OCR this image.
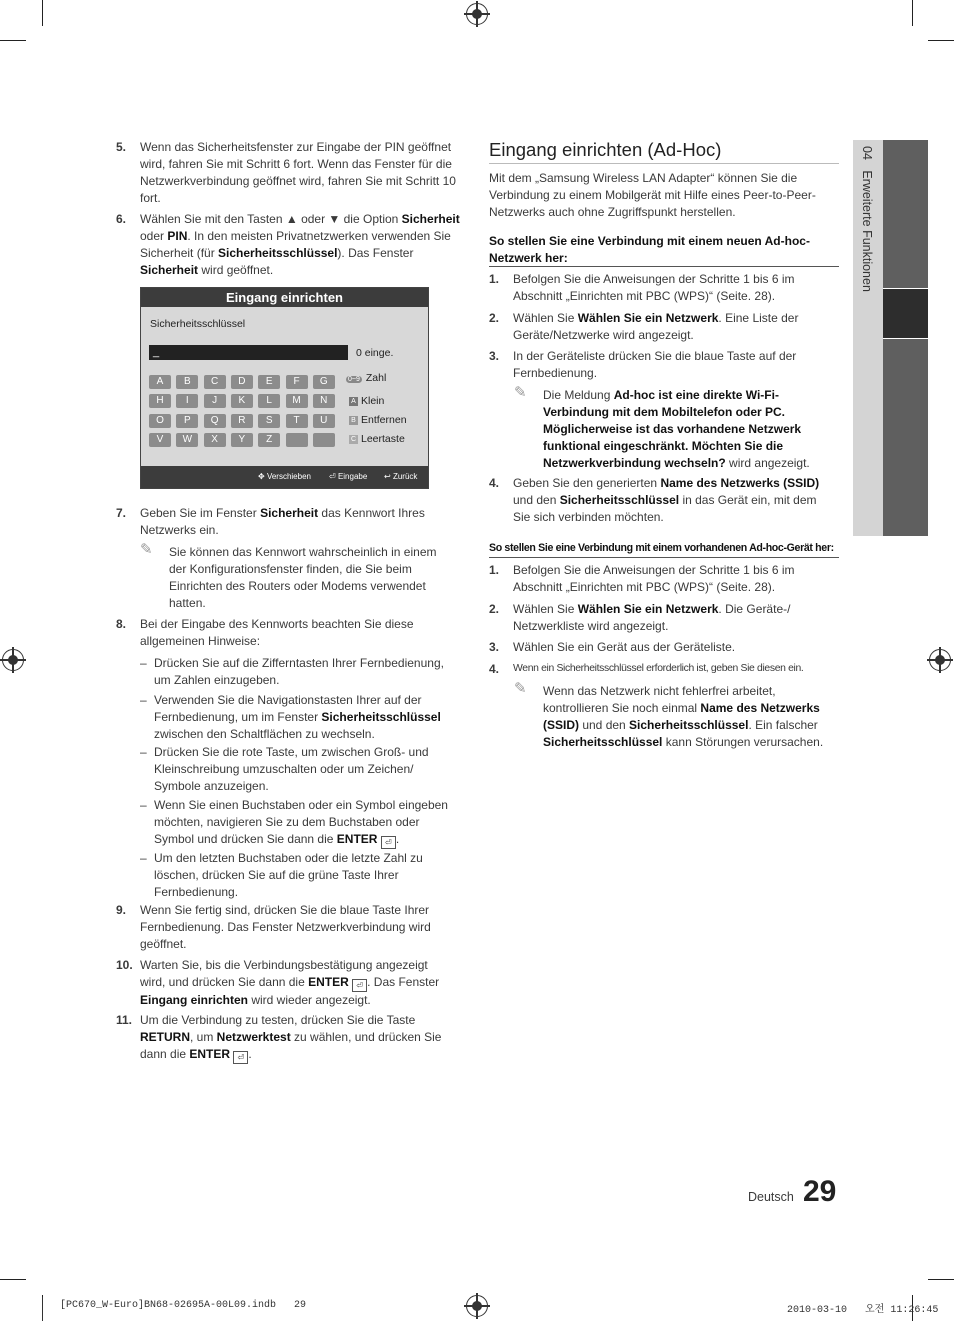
5. Wenn das Sicherheitsfenster zur Eingabe der PIN geöffnet wird, fahren Sie mit Schritt 6 fort. Wenn das Fenster für die Netzwerkverbindung geöffnet wird, fahren Sie mit Schritt 10 fort.
6. Wählen Sie mit den Tasten ▲ oder ▼ die Option Sicherheit oder PIN. In den meisten Privatnetzwerken verwenden Sie Sicherheit (für Sicherheitsschlüssel). Das Fenster Sicherheit wird geöffnet.
Eingang einrichten
Sicherheitsschlüssel
_	0 einge.
A	B	C	D	E	F	G
H	I	J	K	L	M	N
O	P	Q	R	S	T	U
V	W	X	Y	Z
0~9 Zahl
A Klein
B Entfernen
C Leertaste
✥ Verschieben ⏎ Eingabe ↩ Zurück
7. Geben Sie im Fenster Sicherheit das Kennwort Ihres Netzwerks ein.
✎ Sie können das Kennwort wahrscheinlich in einem der Konfigurationsfenster finden, die Sie beim Einrichten des Routers oder Modems verwendet hatten.
8. Bei der Eingabe des Kennworts beachten Sie diese allgemeinen Hinweise:
– Drücken Sie auf die Zifferntasten Ihrer Fernbedienung, um Zahlen einzugeben.
– Verwenden Sie die Navigationstasten Ihrer auf der Fernbedienung, um im Fenster Sicherheitsschlüssel zwischen den Schaltflächen zu wechseln.
– Drücken Sie die rote Taste, um zwischen Groß- und Kleinschreibung umzuschalten oder um Zeichen/ Symbole anzuzeigen.
– Wenn Sie einen Buchstaben oder ein Symbol eingeben möchten, navigieren Sie zu dem Buchstaben oder Symbol und drücken Sie dann die ENTER ⏎ .
– Um den letzten Buchstaben oder die letzte Zahl zu löschen, drücken Sie auf die grüne Taste Ihrer Fernbedienung.
9. Wenn Sie fertig sind, drücken Sie die blaue Taste Ihrer Fernbedienung. Das Fenster Netzwerkverbindung wird geöffnet.
10. Warten Sie, bis die Verbindungsbestätigung angezeigt wird, und drücken Sie dann die ENTER ⏎ . Das Fenster Eingang einrichten wird wieder angezeigt.
11. Um die Verbindung zu testen, drücken Sie die Taste RETURN, um Netzwerktest zu wählen, und drücken Sie dann die ENTER ⏎ .
Eingang einrichten (Ad-Hoc)
Mit dem „Samsung Wireless LAN Adapter“ können Sie die Verbindung zu einem Mobilgerät mit Hilfe eines Peer-to-Peer-Netzwerks auch ohne Zugriffspunkt herstellen.
So stellen Sie eine Verbindung mit einem neuen Ad-hoc-Netzwerk her:
1. Befolgen Sie die Anweisungen der Schritte 1 bis 6 im Abschnitt „Einrichten mit PBC (WPS)“ (Seite. 28).
2. Wählen Sie Wählen Sie ein Netzwerk. Eine Liste der Geräte/Netzwerke wird angezeigt.
3. In der Geräteliste drücken Sie die blaue Taste auf der Fernbedienung.
✎ Die Meldung Ad-hoc ist eine direkte Wi-Fi-Verbindung mit dem Mobiltelefon oder PC. Möglicherweise ist das vorhandene Netzwerk funktional eingeschränkt. Möchten Sie die Netzwerkverbindung wechseln? wird angezeigt.
4. Geben Sie den generierten Name des Netzwerks (SSID) und den Sicherheitsschlüssel in das Gerät ein, mit dem Sie sich verbinden möchten.
So stellen Sie eine Verbindung mit einem vorhandenen Ad-hoc-Gerät her:
1. Befolgen Sie die Anweisungen der Schritte 1 bis 6 im Abschnitt „Einrichten mit PBC (WPS)“ (Seite. 28).
2. Wählen Sie Wählen Sie ein Netzwerk. Die Geräte-/ Netzwerkliste wird angezeigt.
3. Wählen Sie ein Gerät aus der Geräteliste.
4. Wenn ein Sicherheitsschlüssel erforderlich ist, geben Sie diesen ein.
✎ Wenn das Netzwerk nicht fehlerfrei arbeitet, kontrollieren Sie noch einmal Name des Netzwerks (SSID) und den Sicherheitsschlüssel. Ein falscher Sicherheitsschlüssel kann Störungen verursachen.
04   Erweiterte Funktionen
Deutsch 29
[PC670_W-Euro]BN68-02695A-00L09.indb   29	2010-03-10   오전 11:26:45
